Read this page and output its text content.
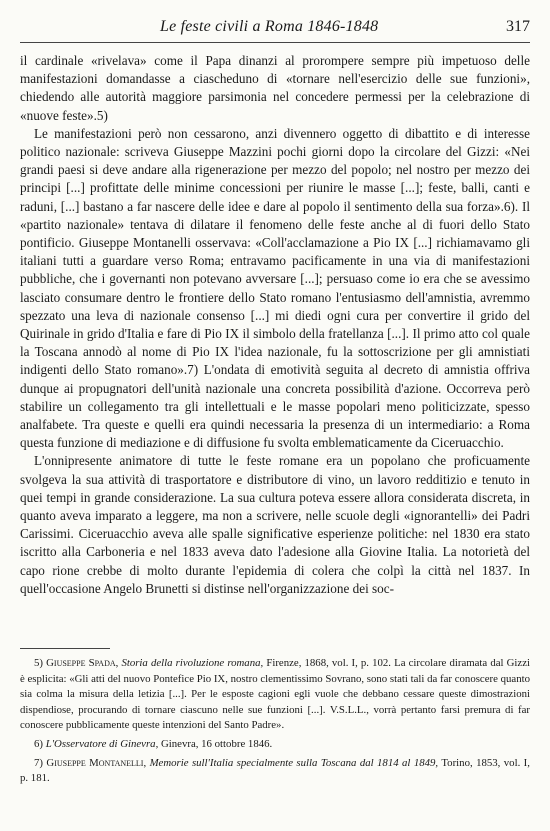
Le feste civili a Roma 1846-1848	317

il cardinale «rivelava» come il Papa dinanzi al prorompere sempre più impetuoso delle manifestazioni domandasse a ciascheduno di «tornare nell'esercizio delle sue funzioni», chiedendo alle autorità maggiore parsimonia nel concedere permessi per la celebrazione di «nuove feste».5)

Le manifestazioni però non cessarono, anzi divennero oggetto di dibattito e di interesse politico nazionale: scriveva Giuseppe Mazzini pochi giorni dopo la circolare del Gizzi: «Nei grandi paesi si deve andare alla rigenerazione per mezzo del popolo; nel nostro per mezzo dei principi [...] profittate delle minime concessioni per riunire le masse [...]; feste, balli, canti e raduni, [...] bastano a far nascere delle idee e dare al popolo il sentimento della sua forza».6). Il «partito nazionale» tentava di dilatare il fenomeno delle feste anche al di fuori dello Stato pontificio. Giuseppe Montanelli osservava: «Coll'acclamazione a Pio IX [...] richiamavamo gli italiani tutti a guardare verso Roma; entravamo pacificamente in una via di manifestazioni pubbliche, che i governanti non potevano avversare [...]; persuaso come io era che se avessimo lasciato consumare dentro le frontiere dello Stato romano l'entusiasmo dell'amnistia, avremmo spezzato una leva di nazionale consenso [...] mi diedi ogni cura per convertire il grido del Quirinale in grido d'Italia e fare di Pio IX il simbolo della fratellanza [...]. Il primo atto col quale la Toscana annodò al nome di Pio IX l'idea nazionale, fu la sottoscrizione per gli amnistiati indigenti dello Stato romano».7) L'ondata di emotività seguita al decreto di amnistia offriva dunque ai propugnatori dell'unità nazionale una concreta possibilità d'azione. Occorreva però stabilire un collegamento tra gli intellettuali e le masse popolari meno politicizzate, spesso analfabete. Tra queste e quelli era quindi necessaria la presenza di un intermediario: a Roma questa funzione di mediazione e di diffusione fu svolta emblematicamente da Ciceruacchio.

L'onnipresente animatore di tutte le feste romane era un popolano che proficuamente svolgeva la sua attività di trasportatore e distributore di vino, un lavoro redditizio e tenuto in quei tempi in grande considerazione. La sua cultura poteva essere allora considerata discreta, in quanto aveva imparato a leggere, ma non a scrivere, nelle scuole degli «ignorantelli» dei Padri Carissimi. Ciceruacchio aveva alle spalle significative esperienze politiche: nel 1830 era stato iscritto alla Carboneria e nel 1833 aveva dato l'adesione alla Giovine Italia. La notorietà del capo rione crebbe di molto durante l'epidemia di colera che colpì la città nel 1837. In quell'occasione Angelo Brunetti si distinse nell'organizzazione dei soc-

5) Giuseppe Spada, Storia della rivoluzione romana, Firenze, 1868, vol. I, p. 102. La circolare diramata dal Gizzi è esplicita: «Gli atti del nuovo Pontefice Pio IX, nostro clementissimo Sovrano, sono stati tali da far conoscere quanto sia colma la misura della letizia [...]. Per le esposte cagioni egli vuole che debbano cessare queste dimostrazioni dispendiose, procurando di tornare ciascuno nelle sue funzioni [...]. V.S.L.L., vorrà pertanto farsi premura di far conoscere pubblicamente queste intenzioni del Santo Padre».

6) L'Osservatore di Ginevra, Ginevra, 16 ottobre 1846.

7) Giuseppe Montanelli, Memorie sull'Italia specialmente sulla Toscana dal 1814 al 1849, Torino, 1853, vol. I, p. 181.
